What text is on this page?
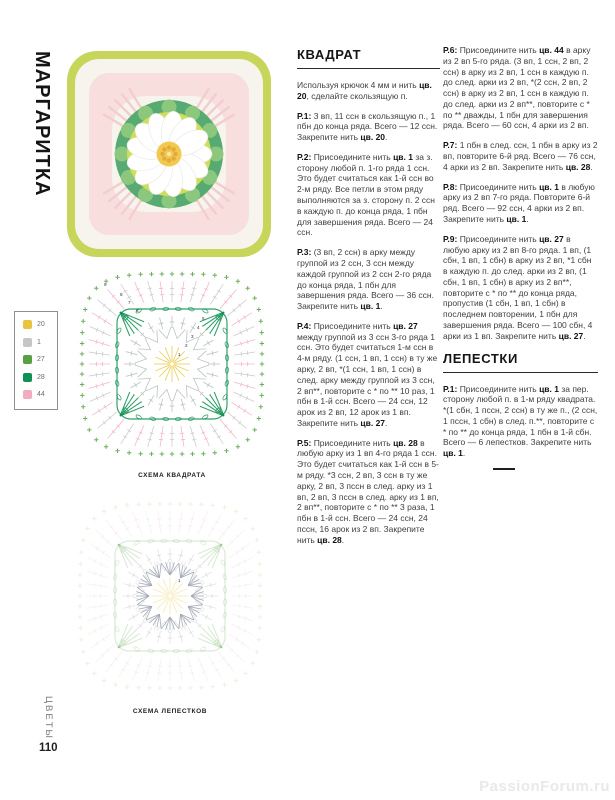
МАРГАРИТКА
20
1
27
28
44
1
2
3
4
5
6
7
8
9
СХЕМА КВАДРАТА
1
СХЕМА ЛЕПЕСТКОВ
КВАДРАТ

Используя крючок 4 мм и нить цв. 20, сделайте скользящую п.

Р.1: 3 вп, 11 ссн в скользящую п., 1 пбн до конца ряда. Всего — 12 ссн. Закрепите нить цв. 20.

Р.2: Присоедините нить цв. 1 за з. сторону любой п. 1-го ряда 1 ссн. Это будет считаться как 1-й ссн во 2-м ряду. Все петли в этом ряду выполняются за з. сторону п. 2 ссн в каждую п. до конца ряда, 1 пбн для завершения ряда. Всего — 24 ссн.

Р.3: (3 вп, 2 ссн) в арку между группой из 2 ссн, 3 ссн между каждой группой из 2 ссн 2-го ряда до конца ряда, 1 пбн для завершения ряда. Всего — 36 ссн. Закрепите нить цв. 1.

Р.4: Присоедините нить цв. 27 между группой из 3 ссн 3-го ряда 1 ссн. Это будет считаться 1-м ссн в 4-м ряду. (1 ссн, 1 вп, 1 ссн) в ту же арку, 2 вп, *(1 ссн, 1 вп, 1 ссн) в след. арку между группой из 3 ссн, 2 вп**, повторите с * по ** 10 раз, 1 пбн в 1-й ссн. Всего — 24 ссн, 12 арок из 2 вп, 12 арок из 1 вп. Закрепите нить цв. 27.

Р.5: Присоедините нить цв. 28 в любую арку из 1 вп 4-го ряда 1 ссн. Это будет считаться как 1-й ссн в 5-м ряду. *3 ссн, 2 вп, 3 ссн в ту же арку, 2 вп, 3 пссн в след. арку из 1 вп, 2 вп, 3 пссн в след. арку из 1 вп, 2 вп**, повторите с * по ** 3 раза, 1 пбн в 1-й ссн. Всего — 24 ссн, 24 пссн, 16 арок из 2 вп. Закрепите нить цв. 28.

Р.6: Присоедините нить цв. 44 в арку из 2 вп 5-го ряда. (3 вп, 1 ссн, 2 вп, 2 ссн) в арку из 2 вп, 1 ссн в каждую п. до след. арки из 2 вп, *(2 ссн, 2 вп, 2 ссн) в арку из 2 вп, 1 ссн в каждую п. до след. арки из 2 вп**, повторите с * по ** дважды, 1 пбн для завершения ряда. Всего — 60 ссн, 4 арки из 2 вп.

Р.7: 1 пбн в след. ссн, 1 пбн в арку из 2 вп, повторите 6-й ряд. Всего — 76 ссн, 4 арки из 2 вп. Закрепите нить цв. 28.

Р.8: Присоедините нить цв. 1 в любую арку из 2 вп 7-го ряда. Повторите 6-й ряд. Всего — 92 ссн, 4 арки из 2 вп. Закрепите нить цв. 1.

Р.9: Присоедините нить цв. 27 в любую арку из 2 вп 8-го ряда. 1 вп, (1 сбн, 1 вп, 1 сбн) в арку из 2 вп, *1 сбн в каждую п. до след. арки из 2 вп, (1 сбн, 1 вп, 1 сбн) в арку из 2 вп**, повторите с * по ** до конца ряда, пропустив (1 сбн, 1 вп, 1 сбн) в последнем повторении, 1 пбн для завершения ряда. Всего — 100 сбн, 4 арки из 1 вп. Закрепите нить цв. 27.

ЛЕПЕСТКИ

Р.1: Присоедините нить цв. 1 за пер. сторону любой п. в 1-м ряду квадрата. *(1 сбн, 1 пссн, 2 ссн) в ту же п., (2 ссн, 1 пссн, 1 сбн) в след. п.**, повторите с * по ** до конца ряда, 1 пбн в 1-й сбн. Всего — 6 лепестков. Закрепите нить цв. 1.

ЦВЕТЫ
110
PassionForum.ru
